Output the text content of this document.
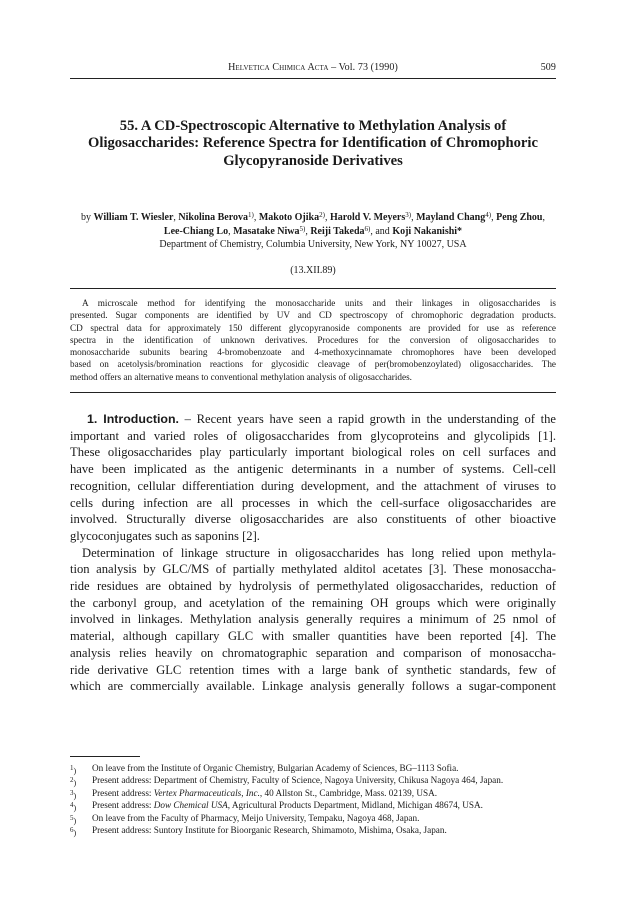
Helvetica Chimica Acta – Vol. 73 (1990)	509
55. A CD-Spectroscopic Alternative to Methylation Analysis of
Oligosaccharides: Reference Spectra for Identification of Chromophoric
Glycopyranoside Derivatives
by William T. Wiesler, Nikolina Berova$^{1)}$, Makoto Ojika$^{2)}$, Harold V. Meyers$^{3)}$, Mayland Chang$^{4)}$, Peng Zhou,
Lee-Chiang Lo, Masatake Niwa$^{5)}$, Reiji Takeda$^{6)}$, and Koji Nakanishi*
Department of Chemistry, Columbia University, New York, NY 10027, USA
(13.XII.89)
A microscale method for identifying the monosaccharide units and their linkages in oligosaccharides is
presented. Sugar components are identified by UV and CD spectroscopy of chromophoric degradation products.
CD spectral data for approximately 150 different glycopyranoside components are provided for use as reference
spectra in the identification of unknown derivatives. Procedures for the conversion of oligosaccharides to
monosaccharide subunits bearing 4-bromobenzoate and 4-methoxycinnamate chromophores have been developed
based on acetolysis/bromination reactions for glycosidic cleavage of per(bromobenzoylated) oligosaccharides. The
method offers an alternative means to conventional methylation analysis of oligosaccharides.
1. Introduction. – Recent years have seen a rapid growth in the understanding of the
important and varied roles of oligosaccharides from glycoproteins and glycolipids [1].
These oligosaccharides play particularly important biological roles on cell surfaces and
have been implicated as the antigenic determinants in a number of systems. Cell-cell
recognition, cellular differentiation during development, and the attachment of viruses to
cells during infection are all processes in which the cell-surface oligosaccharides are
involved. Structurally diverse oligosaccharides are also constituents of other bioactive
glycoconjugates such as saponins [2].
Determination of linkage structure in oligosaccharides has long relied upon methyla-
tion analysis by GLC/MS of partially methylated alditol acetates [3]. These monosaccha-
ride residues are obtained by hydrolysis of permethylated oligosaccharides, reduction of
the carbonyl group, and acetylation of the remaining OH groups which were originally
involved in linkages. Methylation analysis generally requires a minimum of 25 nmol of
material, although capillary GLC with smaller quantities have been reported [4]. The
analysis relies heavily on chromatographic separation and comparison of monosaccha-
ride derivative GLC retention times with a large bank of synthetic standards, few of
which are commercially available. Linkage analysis generally follows a sugar-component
$^1$) On leave from the Institute of Organic Chemistry, Bulgarian Academy of Sciences, BG–1113 Sofia.
$^2$) Present address: Department of Chemistry, Faculty of Science, Nagoya University, Chikusa Nagoya 464, Japan.
$^3$) Present address: Vertex Pharmaceuticals, Inc., 40 Allston St., Cambridge, Mass. 02139, USA.
$^4$) Present address: Dow Chemical USA, Agricultural Products Department, Midland, Michigan 48674, USA.
$^5$) On leave from the Faculty of Pharmacy, Meijo University, Tempaku, Nagoya 468, Japan.
$^6$) Present address: Suntory Institute for Bioorganic Research, Shimamoto, Mishima, Osaka, Japan.
